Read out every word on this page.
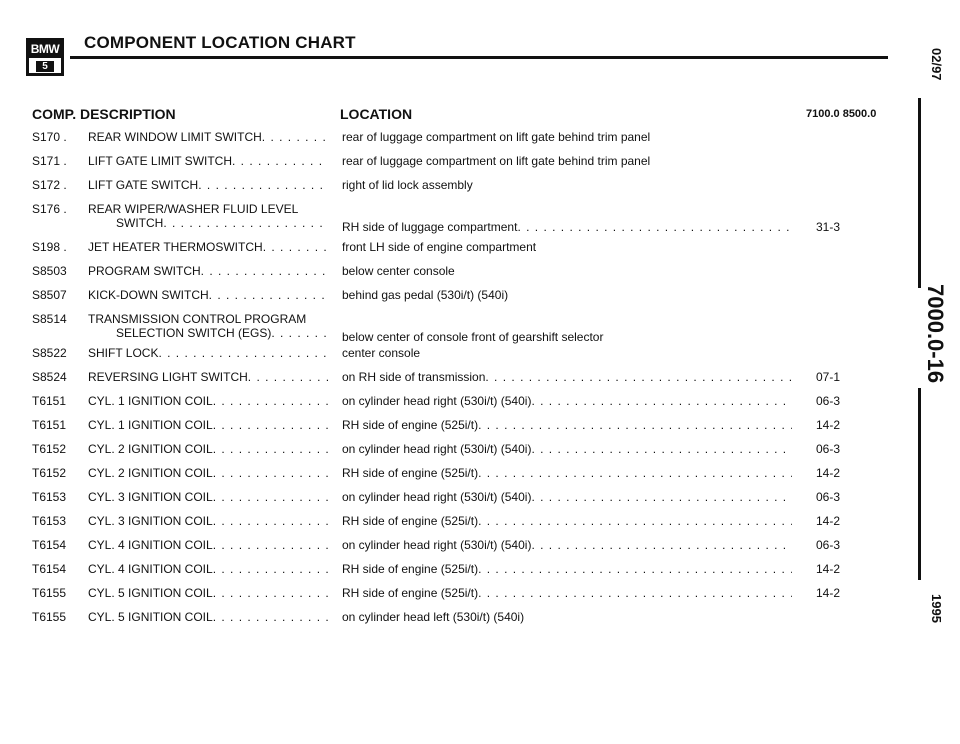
BMW
5
COMPONENT LOCATION CHART
COMP. DESCRIPTION	LOCATION	7100.0 8500.0
S170 . REAR WINDOW LIMIT SWITCH . . .	rear of luggage compartment on lift gate behind trim panel
S171 . LIFT GATE LIMIT SWITCH . . .	rear of luggage compartment on lift gate behind trim panel
S172 . LIFT GATE SWITCH . . .	right of lid lock assembly
S176 . REAR WIPER/WASHER FLUID LEVEL
SWITCH . . .	RH side of luggage compartment . . .	31-3
S198 . JET HEATER THERMOSWITCH . . .	front LH side of engine compartment
S8503 PROGRAM SWITCH . . .	below center console
S8507 KICK-DOWN SWITCH . . .	behind gas pedal (530i/t) (540i)
S8514 TRANSMISSION CONTROL PROGRAM
SELECTION SWITCH (EGS) . . .	below center of console front of gearshift selector
S8522 SHIFT LOCK . . .	center console
S8524 REVERSING LIGHT SWITCH . . .	on RH side of transmission . . .	07-1
T6151 CYL. 1 IGNITION COIL . . .	on cylinder head right (530i/t) (540i) . . .	06-3
T6151 CYL. 1 IGNITION COIL . . .	RH side of engine (525i/t) . . .	14-2
T6152 CYL. 2 IGNITION COIL . . .	on cylinder head right (530i/t) (540i) . . .	06-3
T6152 CYL. 2 IGNITION COIL . . .	RH side of engine (525i/t) . . .	14-2
T6153 CYL. 3 IGNITION COIL . . .	on cylinder head right (530i/t) (540i) . . .	06-3
T6153 CYL. 3 IGNITION COIL . . .	RH side of engine (525i/t) . . .	14-2
T6154 CYL. 4 IGNITION COIL . . .	on cylinder head right (530i/t) (540i) . . .	06-3
T6154 CYL. 4 IGNITION COIL . . .	RH side of engine (525i/t) . . .	14-2
T6155 CYL. 5 IGNITION COIL . . .	RH side of engine (525i/t) . . .	14-2
T6155 CYL. 5 IGNITION COIL . . .	on cylinder head left (530i/t) (540i)
02/97
7000.0-16
1995
